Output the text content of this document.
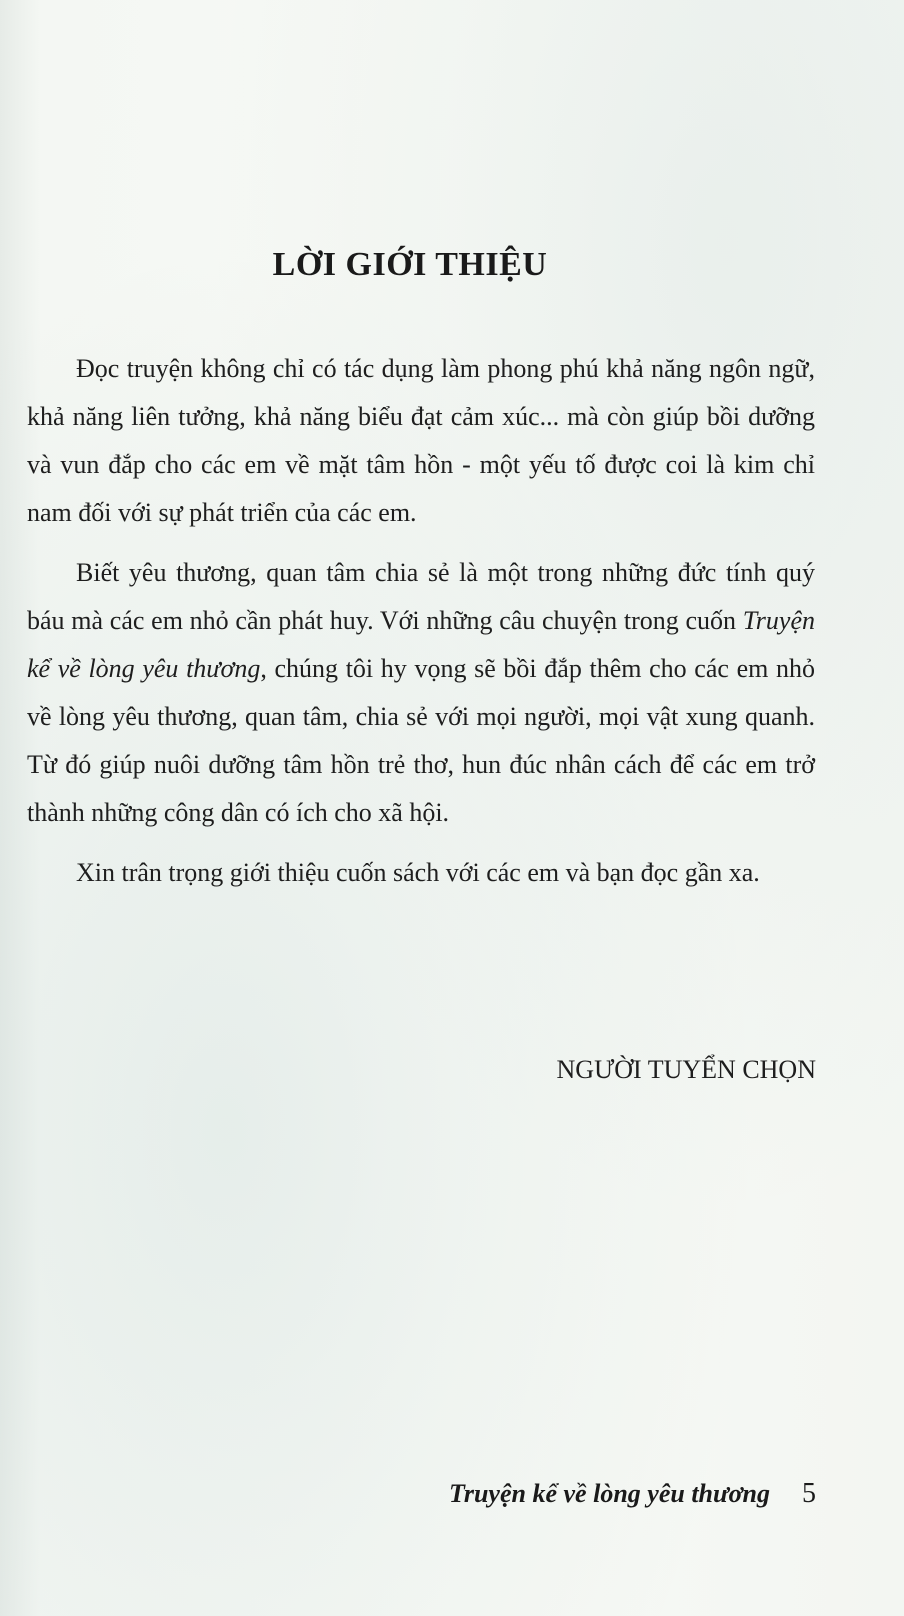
LỜI GIỚI THIỆU

Đọc truyện không chỉ có tác dụng làm phong phú khả năng ngôn ngữ, khả năng liên tưởng, khả năng biểu đạt cảm xúc... mà còn giúp bồi dưỡng và vun đắp cho các em về mặt tâm hồn - một yếu tố được coi là kim chỉ nam đối với sự phát triển của các em.

Biết yêu thương, quan tâm chia sẻ là một trong những đức tính quý báu mà các em nhỏ cần phát huy. Với những câu chuyện trong cuốn Truyện kể về lòng yêu thương, chúng tôi hy vọng sẽ bồi đắp thêm cho các em nhỏ về lòng yêu thương, quan tâm, chia sẻ với mọi người, mọi vật xung quanh. Từ đó giúp nuôi dưỡng tâm hồn trẻ thơ, hun đúc nhân cách để các em trở thành những công dân có ích cho xã hội.

Xin trân trọng giới thiệu cuốn sách với các em và bạn đọc gần xa.

NGƯỜI TUYỂN CHỌN

Truyện kể về lòng yêu thương 5
